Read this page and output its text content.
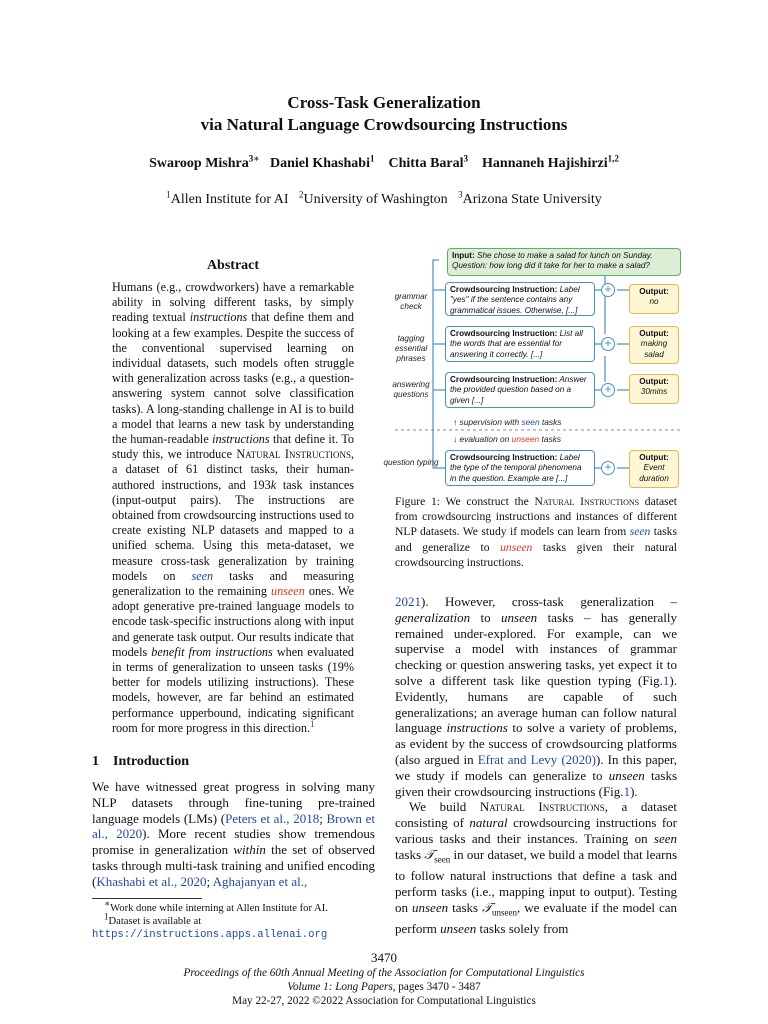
Cross-Task Generalization
via Natural Language Crowdsourcing Instructions
Swaroop Mishra$^{3∗}$ Daniel Khashabi$^1$ Chitta Baral$^3$ Hannaneh Hajishirzi$^{1,2}$
$^1$Allen Institute for AI $^2$University of Washington $^3$Arizona State University
Abstract
Humans (e.g., crowdworkers) have a remarkable ability in solving different tasks, by simply reading textual instructions that define them and looking at a few examples. Despite the success of the conventional supervised learning on individual datasets, such models often struggle with generalization across tasks (e.g., a question-answering system cannot solve classification tasks). A long-standing challenge in AI is to build a model that learns a new task by understanding the human-readable instructions that define it. To study this, we introduce Natural Instructions, a dataset of 61 distinct tasks, their human-authored instructions, and 193k task instances (input-output pairs). The instructions are obtained from crowdsourcing instructions used to create existing NLP datasets and mapped to a unified schema. Using this meta-dataset, we measure cross-task generalization by training models on seen tasks and measuring generalization to the remaining unseen ones. We adopt generative pre-trained language models to encode task-specific instructions along with input and generate task output. Our results indicate that models benefit from instructions when evaluated in terms of generalization to unseen tasks (19% better for models utilizing instructions). These models, however, are far behind an estimated performance upperbound, indicating significant room for more progress in this direction.$^1$
1 Introduction
We have witnessed great progress in solving many NLP datasets through fine-tuning pre-trained language models (LMs) (Peters et al., 2018; Brown et al., 2020). More recent studies show tremendous promise in generalization within the set of observed tasks through multi-task training and unified encoding (Khashabi et al., 2020; Aghajanyan et al.,
∗Work done while interning at Allen Institute for AI.
$^1$Dataset is available at https://instructions.apps.allenai.org
Input: She chose to make a salad for lunch on Sunday. Question: how long did it take for her to make a salad?
grammar check
Crowdsourcing Instruction: Label "yes" if the sentence contains any grammatical issues. Otherwise, [...]
+	Output:
no
tagging essential phrases
Crowdsourcing Instruction: List all the words that are essential for answering it correctly. [...]
+
Output:
making salad
answering questions
Crowdsourcing Instruction: Answer the provided question based on a given [...]
+
Output:
30mins
↑ supervision with seen tasks
↓ evaluation on unseen tasks
question typing
Crowdsourcing Instruction: Label the type of the temporal phenomena in the question. Example are [...]
+
Output:
Event duration
Figure 1: We construct the Natural Instructions dataset from crowdsourcing instructions and instances of different NLP datasets. We study if models can learn from seen tasks and generalize to unseen tasks given their natural crowdsourcing instructions.

2021). However, cross-task generalization – generalization to unseen tasks – has generally remained under-explored. For example, can we supervise a model with instances of grammar checking or question answering tasks, yet expect it to solve a different task like question typing (Fig.1). Evidently, humans are capable of such generalizations; an average human can follow natural language instructions to solve a variety of problems, as evident by the success of crowdsourcing platforms (also argued in Efrat and Levy (2020)). In this paper, we study if models can generalize to unseen tasks given their crowdsourcing instructions (Fig.1).

We build Natural Instructions, a dataset consisting of natural crowdsourcing instructions for various tasks and their instances. Training on seen tasks 𝒯$_{seen}$ in our dataset, we build a model that learns to follow natural instructions that define a task and perform tasks (i.e., mapping input to output). Testing on unseen tasks 𝒯$_{unseen}$, we evaluate if the model can perform unseen tasks solely from

3470
Proceedings of the 60th Annual Meeting of the Association for Computational Linguistics
Volume 1: Long Papers, pages 3470 - 3487
May 22-27, 2022 ©2022 Association for Computational Linguistics
